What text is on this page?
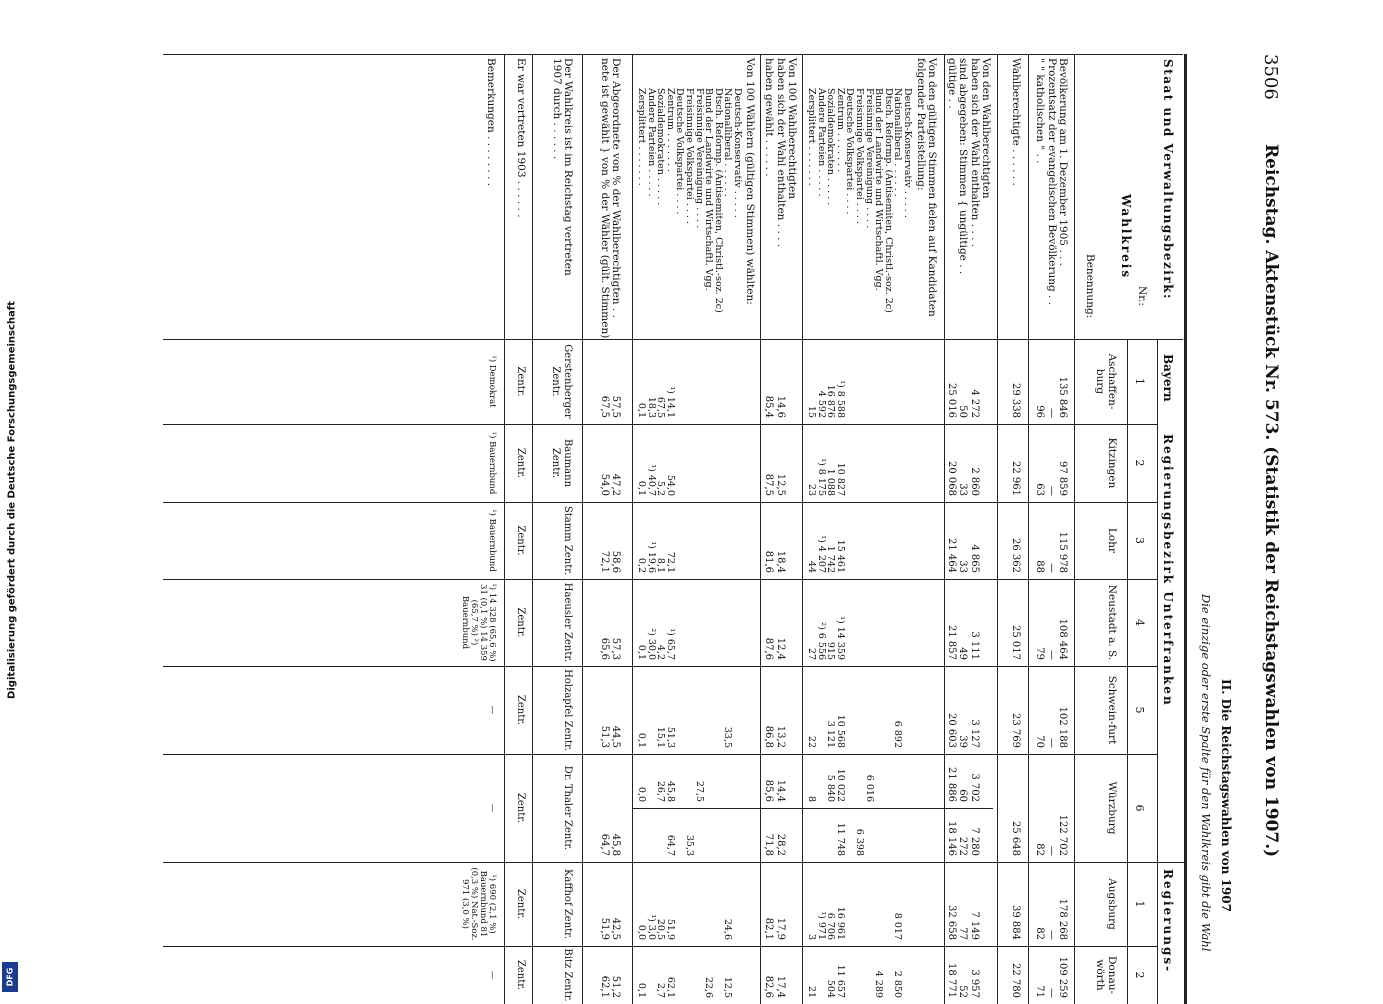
Digitalisierung gefördert durch die Deutsche Forschungsgemeinschaft
DFG
3506
Reichstag. Aktenstück Nr. 573. (Statistik der Reichstagswahlen von 1907.)
II. Die Reichstagswahlen von 1907
Die einzige oder erste Spalte für den Wahlkreis gibt die Wahl
Staat und Verwaltungsbezirk:
Bayern
Regierungsbezirk Unterfranken
Regierungs-
Wahlkreis
Nr.:
Benennung:
1
Aschaffen-burg
2
Kitzingen
3
Lohr
4
Neustadt a. S.
5
Schwein-furt
6
Würzburg
1
Augsburg
2
Donau-wörth
Bevölkerung am 1. Dezember 1905 . . .
Prozentsatz der evangelischen Bevölkerung . .
" " katholischen " . .
Wahlberechtigte . . . . . .
Von den Wahlberechtigten
haben sich der Wahl enthalten . . . .
sind abgegeben: Stimmen { ungültige . .
gültige . .
Von den gültigen Stimmen fielen auf Kandidaten
folgender Parteistellung:
Deutsch-Konservativ . . . . .
Nationalliberal . . . . . .
Dtsch. Reformp. (Antisemiten, Christl.-soz. 2c)
Bund der Landwirte und Wirtschaftl. Vgg.
Freisinnige Vereinigung . . . .
Freisinnige Volkspartei . . . .
Deutsche Volkspartei . . . .
Zentrum . . . . . . .
Sozialdemokraten . . . . .
Andere Parteien . . . . .
Zersplittert . . . . . . .
Von 100 Wahlberechtigten
haben sich der Wahl enthalten . . . .
haben gewählt . . . . . .
Von 100 Wählern (gültigen Stimmen) wählten:
Deutsch-Konservativ . . . . .
Nationalliberal . . . . . .
Dtsch. Reformp. (Antisemiten, Christl.-soz. 2c)
Bund der Landwirte und Wirtschaftl. Vgg.
Freisinnige Vereinigung . . . .
Freisinnige Volkspartei . . . .
Deutsche Volkspartei . . . .
Zentrum . . . . . . .
Sozialdemokraten . . . . .
Andere Parteien . . . . .
Zersplittert . . . . . . .
Der Abgeordnete von % der Wahlberechtigten . .
nete ist gewählt } von % der Wähler (gült. Stimmen)
Der Wahlkreis ist im Reichstag vertreten
1907 durch . . . . . .
Er war vertreten 1903 . . . . . .
Bemerkungen . . . . . . . .
135 846
—
96
29 338
4 272
50
25 016
¹) 8 588
16 876
4 592
15
14,6
85,4
¹) 14,1
67,5
18,3
0,1
57,5
67,5
Gerstenberger Zentr.
Zentr.
¹) Demokrat
97 859
—
63
22 961
2 860
33
20 068
10 827
1 088
¹) 8 175
23
12,5
87,5
54,0
5,2
¹) 40,7
0,1
47,2
54,0
Baumann Zentr.
Zentr.
¹) Bauernbund
115 978
—
88
26 362
4 865
33
21 464
15 461
1 742
¹) 4 207
44
18,4
81,6
72,1
8,1
¹) 19,6
0,2
58,6
72,1
Stamm Zentr.
Zentr.
¹) Bauernbund
108 464
—
79
25 017
3 111
49
21 857
¹) 14 359
915
²) 6 556
27
12,4
87,6
¹) 65,7
4,2
²) 30,0
0,1
57,3
65,6
Haeusler Zentr.
Zentr.
¹) 14 328 (65,6 %) 31 (0,1 %) 14 359 (65,7 %) ²) Bauernbund
102 188
—
70
23 769
3 127
39
20 603
6 892
10 568
3 121
22
13,2
86,8
33,5
51,3
15,1
0,1
44,5
51,3
Holzapfel Zentr.
Zentr.
—
122 702
—
82
25 648
3 702
60
21 886
6 016
10 022
5 840
8
14,4
85,6
27,5
45,8
26,7
0,0
45,8
64,7
Dr. Thaler Zentr.
Zentr.
—
7 280
272
18 146
6 398
11 748
28,2
71,8
35,3
64,7
178 268
—
82
39 884
7 149
77
32 658
8 017
16 961
6 706
¹) 971
3
17,9
82,1
24,6
51,9
20,5
¹) 3,0
0,0
42,5
51,9
Kaffhof Zentr.
Zentr.
¹) 690 (2,1 %) Bauernbund 81 (0,3 %) Nat.-Soz. 971 (3,0 %)
109 259
—
71
22 780
3 957
52
18 771
2 850
4 289
11 657
504
21
17,4
82,6
12,5
22,6
62,1
2,7
0,1
51,2
62,1
Bitz Zentr.
Zentr.
—
